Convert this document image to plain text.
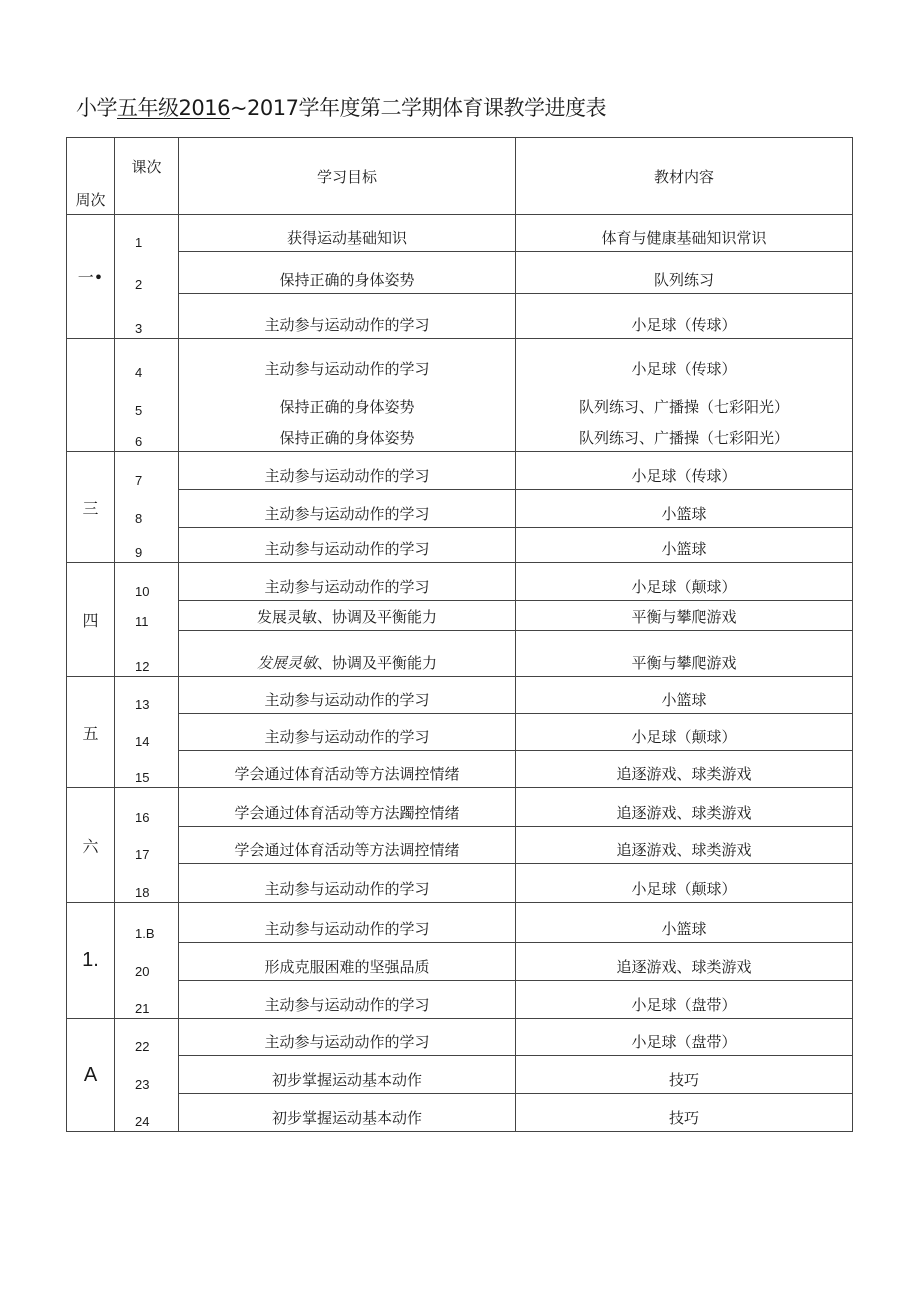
小学五年级2016~2017学年度第二学期体育课教学进度表
周次	课次	学习目标	教材内容
一•	1	获得运动基础知识	体育与健康基础知识常识
	2	保持正确的身体姿势	队列练习
	3	主动参与运动动作的学习	小足球（传球）
	4	主动参与运动动作的学习	小足球（传球）
	5	保持正确的身体姿势	队列练习、广播操（七彩阳光）
	6	保持正确的身体姿势	队列练习、广播操（七彩阳光）
三	7	主动参与运动动作的学习	小足球（传球）
	8	主动参与运动动作的学习	小篮球
	9	主动参与运动动作的学习	小篮球
四	10	主动参与运动动作的学习	小足球（颠球）
	11	发展灵敏、协调及平衡能力	平衡与攀爬游戏
	12	发展灵敏、协调及平衡能力	平衡与攀爬游戏
五	13	主动参与运动动作的学习	小篮球
	14	主动参与运动动作的学习	小足球（颠球）
	15	学会通过体育活动等方法调控情绪	追逐游戏、球类游戏
六	16	学会通过体育活动等方法躅控情绪	追逐游戏、球类游戏
	17	学会通过体育活动等方法调控情绪	追逐游戏、球类游戏
	18	主动参与运动动作的学习	小足球（颠球）
1.	1.B	主动参与运动动作的学习	小篮球
	20	形成克服困难的坚强品质	追逐游戏、球类游戏
	21	主动参与运动动作的学习	小足球（盘带）
A	22	主动参与运动动作的学习	小足球（盘带）
	23	初步掌握运动基本动作	技巧
	24	初步掌握运动基本动作	技巧
